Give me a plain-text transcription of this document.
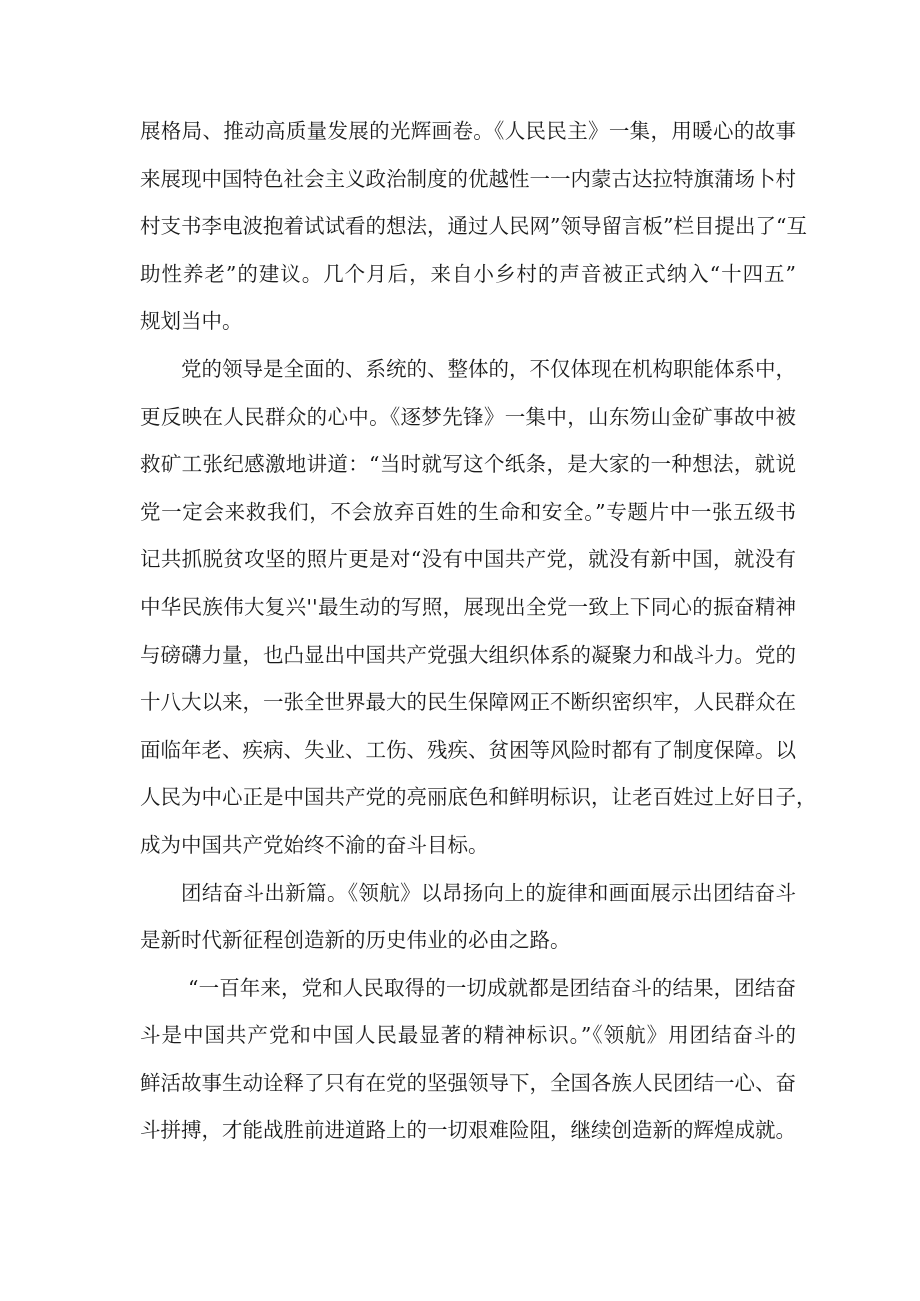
展格局、推动高质量发展的光辉画卷。《人民民主》一集，用暖心的故事
来展现中国特色社会主义政治制度的优越性一一内蒙古达拉特旗蒲场卜村
村支书李电波抱着试试看的想法，通过人民网”领导留言板”栏目提出了“互
助性养老”的建议。几个月后，来自小乡村的声音被正式纳入“十四五”
规划当中。
党的领导是全面的、系统的、整体的，不仅体现在机构职能体系中，
更反映在人民群众的心中。《逐梦先锋》一集中，山东笏山金矿事故中被
救矿工张纪感激地讲道：“当时就写这个纸条，是大家的一种想法，就说
党一定会来救我们，不会放弃百姓的生命和安全。”专题片中一张五级书
记共抓脱贫攻坚的照片更是对“没有中国共产党，就没有新中国，就没有
中华民族伟大复兴''最生动的写照，展现出全党一致上下同心的振奋精神
与磅礴力量，也凸显出中国共产党强大组织体系的凝聚力和战斗力。党的
十八大以来，一张全世界最大的民生保障网正不断织密织牢，人民群众在
面临年老、疾病、失业、工伤、残疾、贫困等风险时都有了制度保障。以
人民为中心正是中国共产党的亮丽底色和鲜明标识，让老百姓过上好日子，
成为中国共产党始终不渝的奋斗目标。
团结奋斗出新篇。《领航》以昂扬向上的旋律和画面展示出团结奋斗
是新时代新征程创造新的历史伟业的必由之路。
“一百年来，党和人民取得的一切成就都是团结奋斗的结果，团结奋
斗是中国共产党和中国人民最显著的精神标识。”《领航》用团结奋斗的
鲜活故事生动诠释了只有在党的坚强领导下，全国各族人民团结一心、奋
斗拼搏，才能战胜前进道路上的一切艰难险阻，继续创造新的辉煌成就。
